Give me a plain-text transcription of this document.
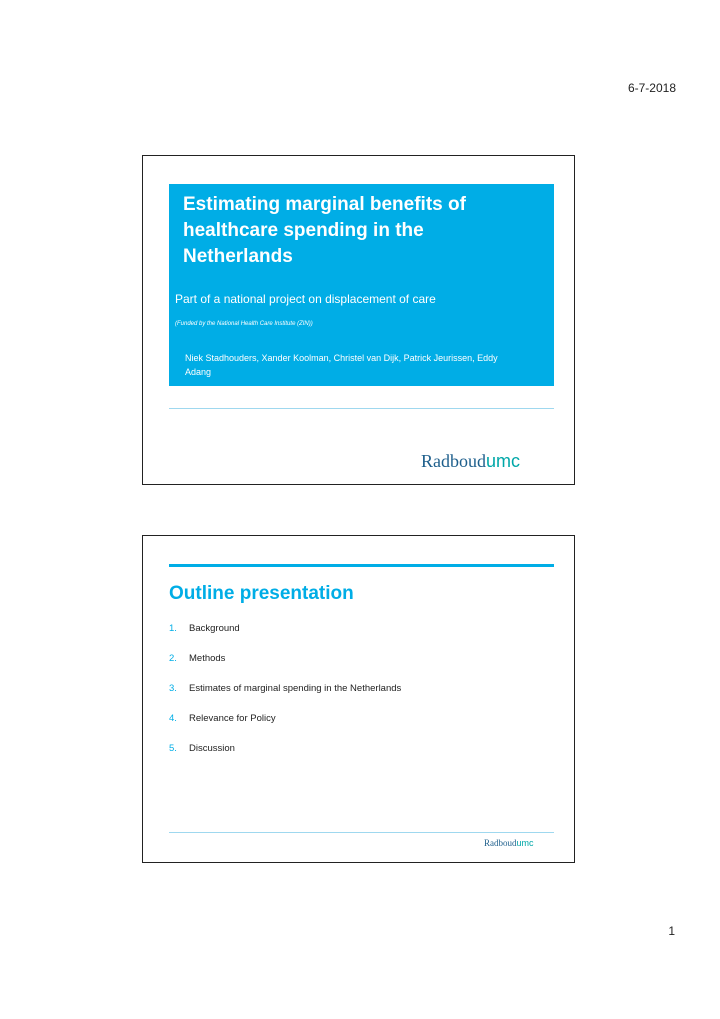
6-7-2018
Estimating marginal benefits of healthcare spending in the Netherlands

Part of a national project on displacement of care

(Funded by the National Health Care Institute (ZIN))

Niek Stadhouders, Xander Koolman, Christel van Dijk, Patrick Jeurissen, Eddy Adang

Radboudumc
Outline presentation
1.	Background
2.	Methods
3.	Estimates of marginal spending in the Netherlands
4.	Relevance for Policy
5.	Discussion
Radboudumc
1
